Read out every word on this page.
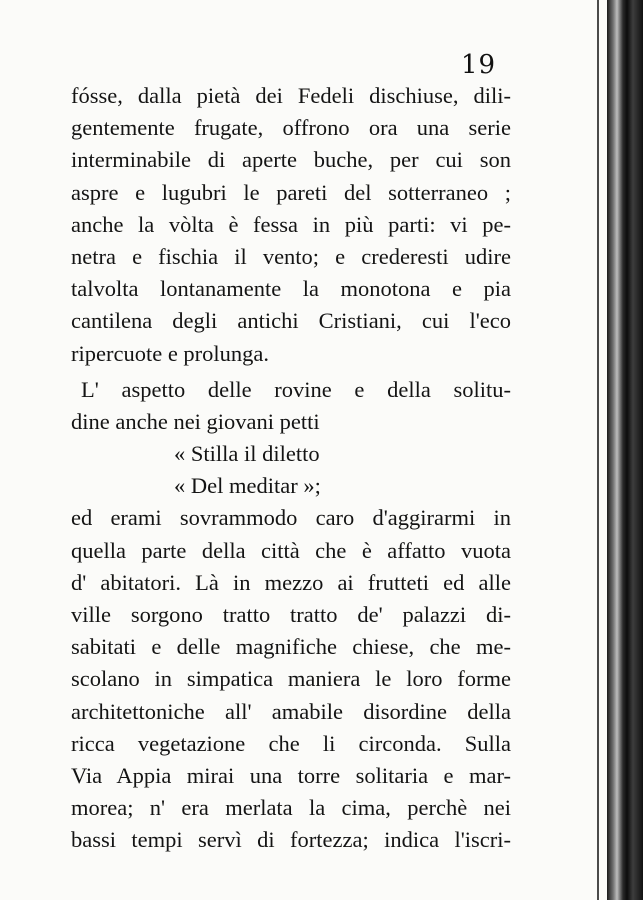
19
fósse, dalla pietà dei Fedeli dischiuse, dili-
gentemente frugate, offrono ora una serie
interminabile di aperte buche, per cui son
aspre e lugubri le pareti del sotterraneo ;
anche la vòlta è fessa in più parti: vi pe-
netra e fischia il vento; e crederesti udire
talvolta lontanamente la monotona e pia
cantilena degli antichi Cristiani, cui l'eco
ripercuote e prolunga.
L' aspetto delle rovine e della solitu-
dine anche nei giovani petti
« Stilla il diletto
« Del meditar »;
ed erami sovrammodo caro d'aggirarmi in
quella parte della città che è affatto vuota
d' abitatori. Là in mezzo ai frutteti ed alle
ville sorgono tratto tratto de' palazzi di-
sabitati e delle magnifiche chiese, che me-
scolano in simpatica maniera le loro forme
architettoniche all' amabile disordine della
ricca vegetazione che li circonda. Sulla
Via Appia mirai una torre solitaria e mar-
morea; n' era merlata la cima, perchè nei
bassi tempi servì di fortezza; indica l'iscri-
